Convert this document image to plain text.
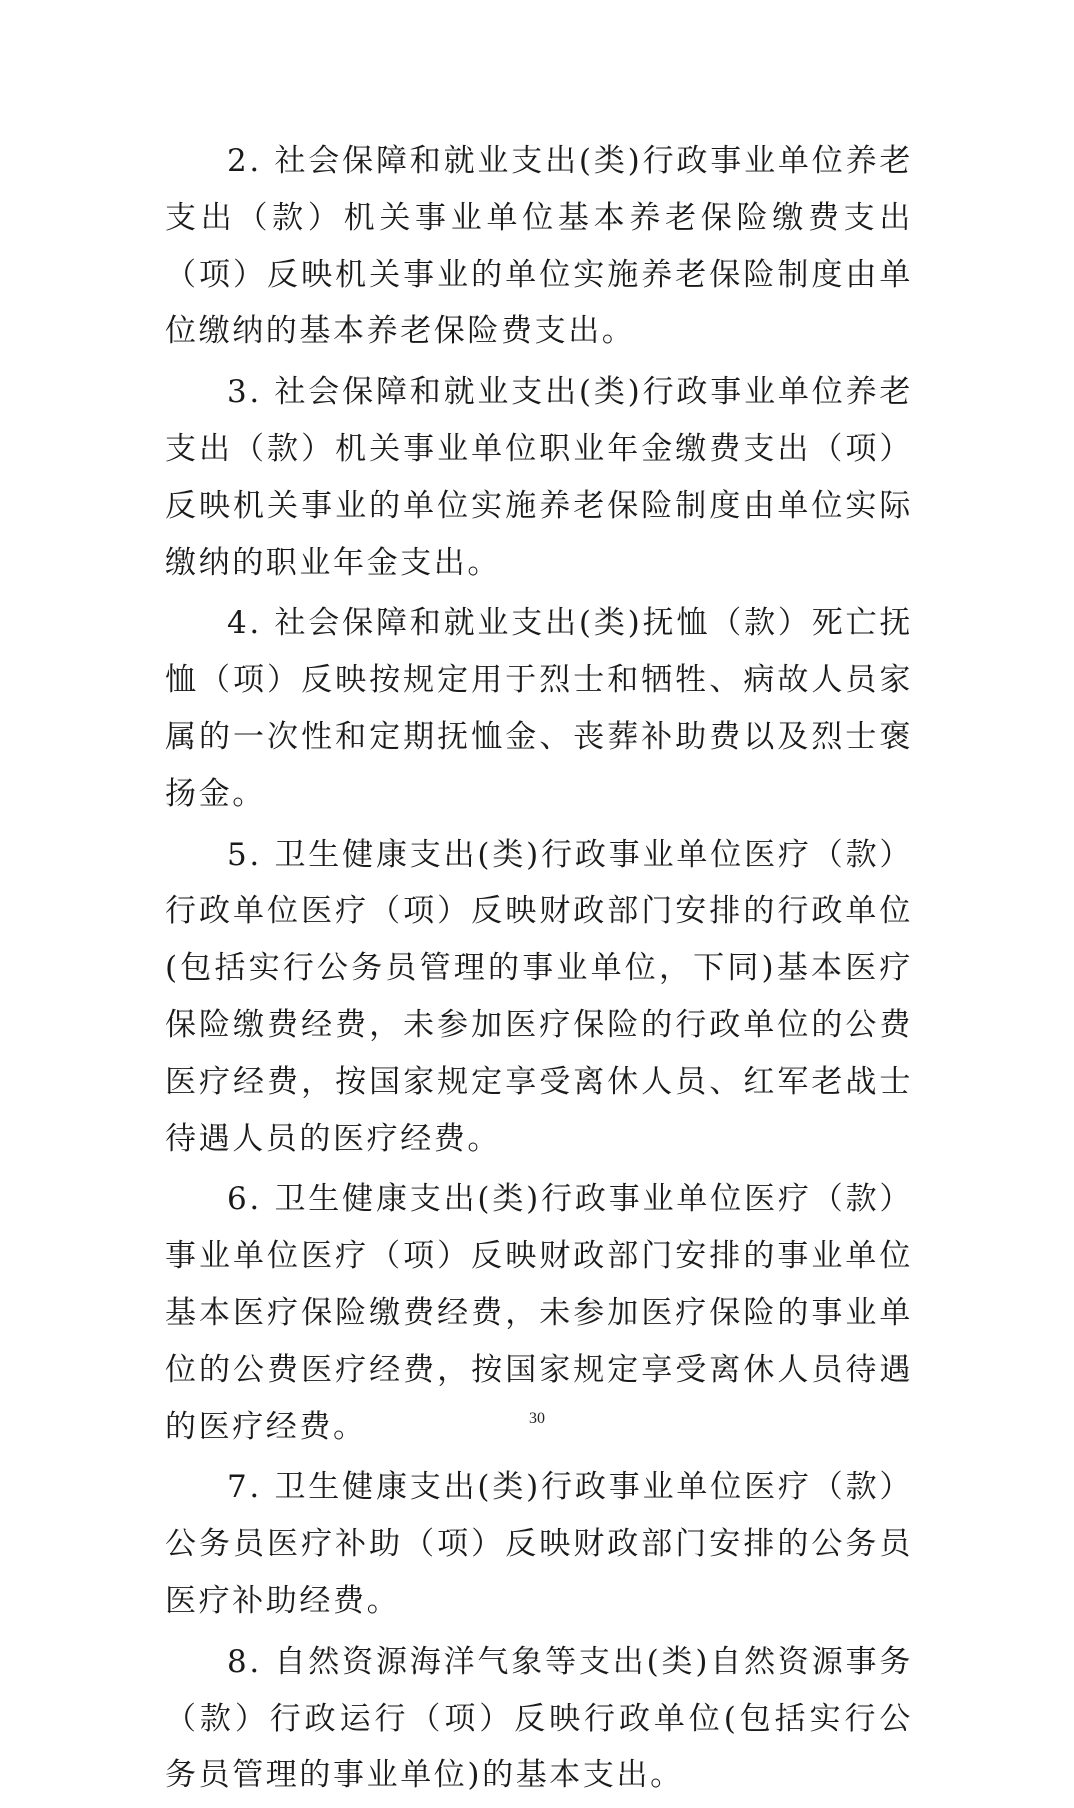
2. 社会保障和就业支出(类)行政事业单位养老支出（款）机关事业单位基本养老保险缴费支出（项）反映机关事业的单位实施养老保险制度由单位缴纳的基本养老保险费支出。

3. 社会保障和就业支出(类)行政事业单位养老支出（款）机关事业单位职业年金缴费支出（项）反映机关事业的单位实施养老保险制度由单位实际缴纳的职业年金支出。

4. 社会保障和就业支出(类)抚恤（款）死亡抚恤（项）反映按规定用于烈士和牺牲、病故人员家属的一次性和定期抚恤金、丧葬补助费以及烈士褒扬金。

5. 卫生健康支出(类)行政事业单位医疗（款）行政单位医疗（项）反映财政部门安排的行政单位(包括实行公务员管理的事业单位，下同)基本医疗保险缴费经费，未参加医疗保险的行政单位的公费医疗经费，按国家规定享受离休人员、红军老战士待遇人员的医疗经费。

6. 卫生健康支出(类)行政事业单位医疗（款）事业单位医疗（项）反映财政部门安排的事业单位基本医疗保险缴费经费，未参加医疗保险的事业单位的公费医疗经费，按国家规定享受离休人员待遇的医疗经费。

7. 卫生健康支出(类)行政事业单位医疗（款）公务员医疗补助（项）反映财政部门安排的公务员医疗补助经费。

8. 自然资源海洋气象等支出(类)自然资源事务（款）行政运行（项）反映行政单位(包括实行公务员管理的事业单位)的基本支出。

30
